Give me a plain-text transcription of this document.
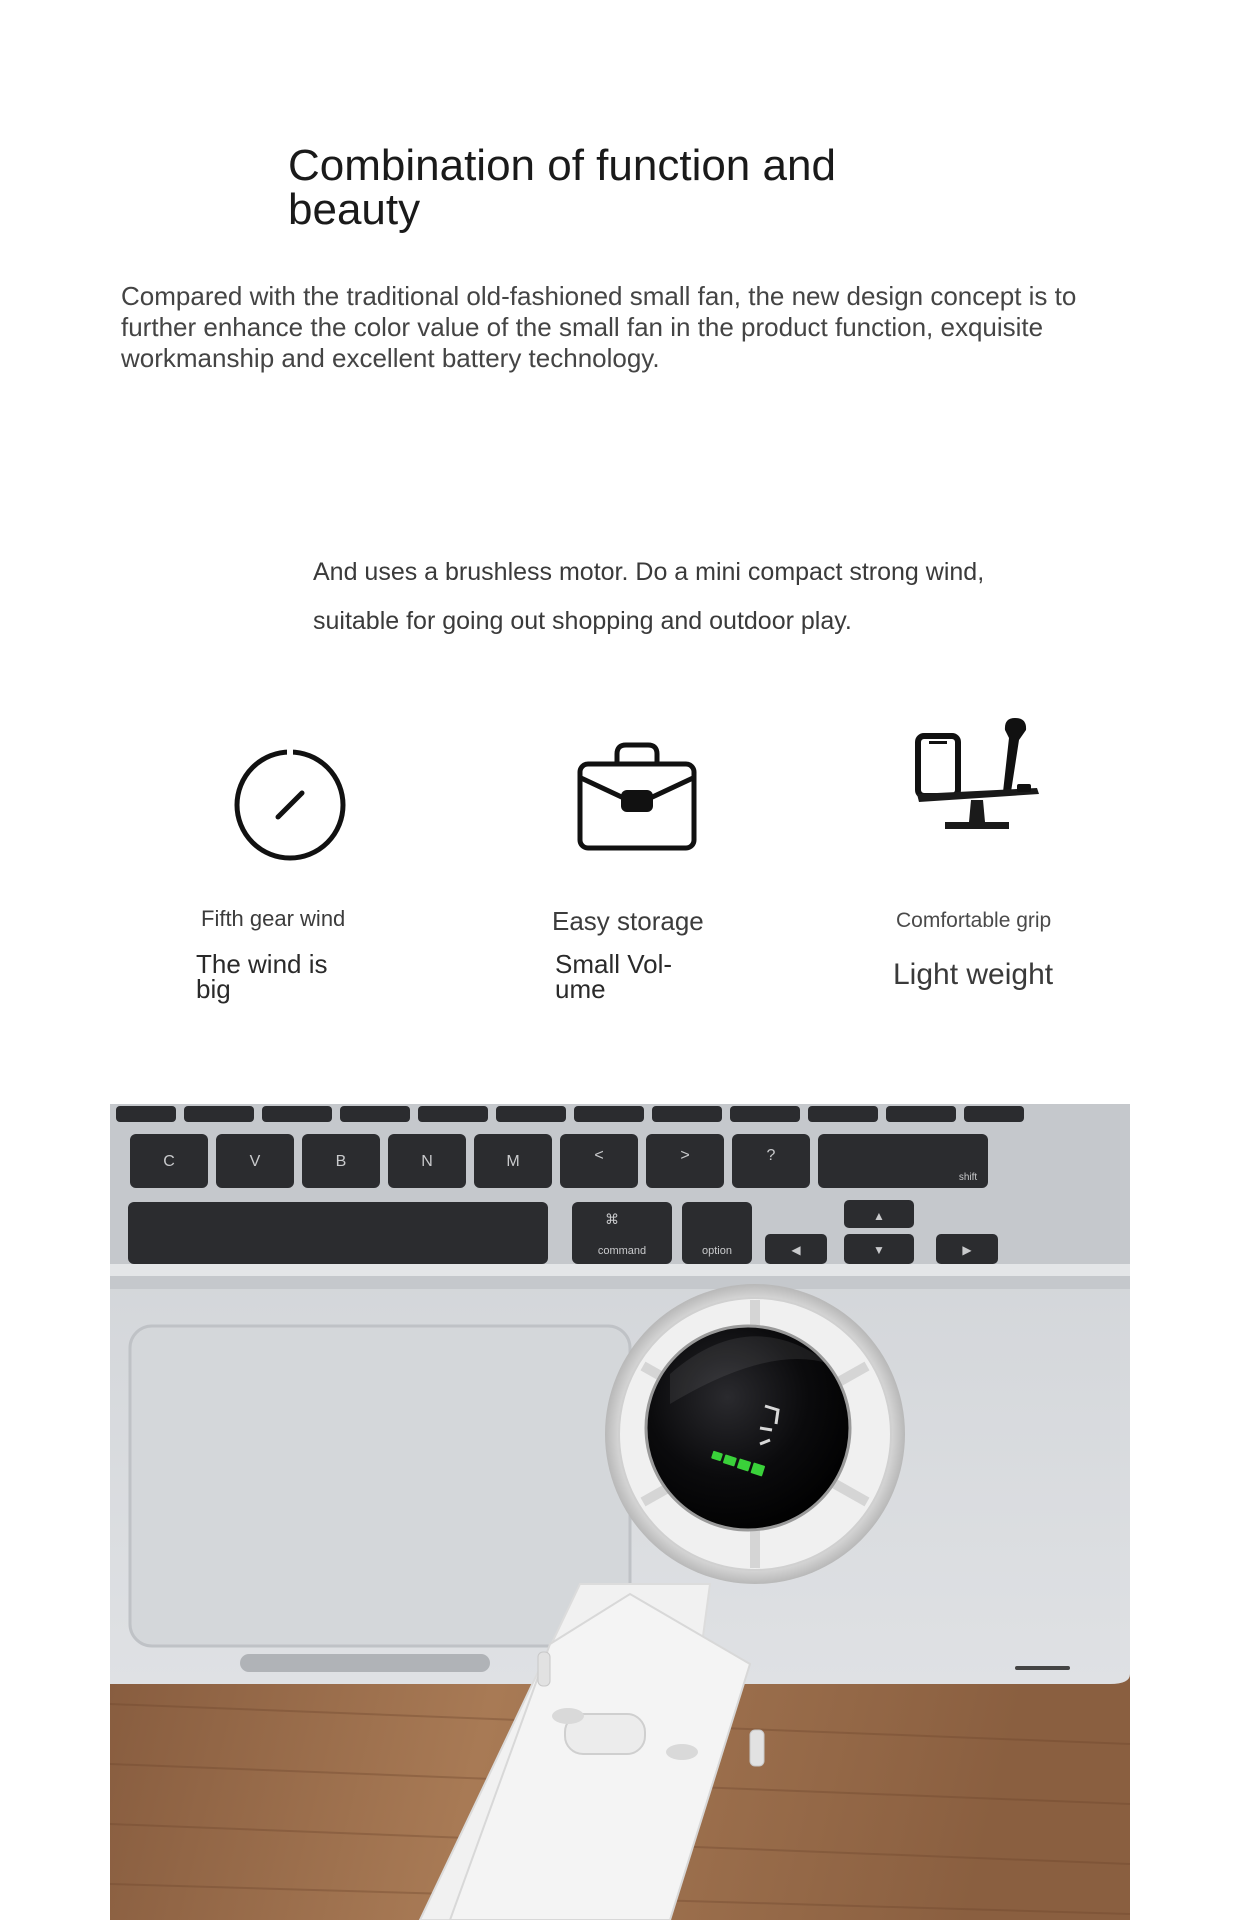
Combination of function and beauty

Compared with the traditional old-fashioned small fan, the new design concept is to further enhance the color value of the small fan in the product function, exquisite workmanship and excellent battery technology.

And uses a brushless motor. Do a mini compact strong wind, suitable for going out shopping and outdoor play.

Fifth gear wind

The wind is big

Easy storage

Small Vol-ume

Comfortable grip

Light weight

C	V	B	N	M	<	>	?
shift
⌘
command	option
▲
▼
◀	▶
